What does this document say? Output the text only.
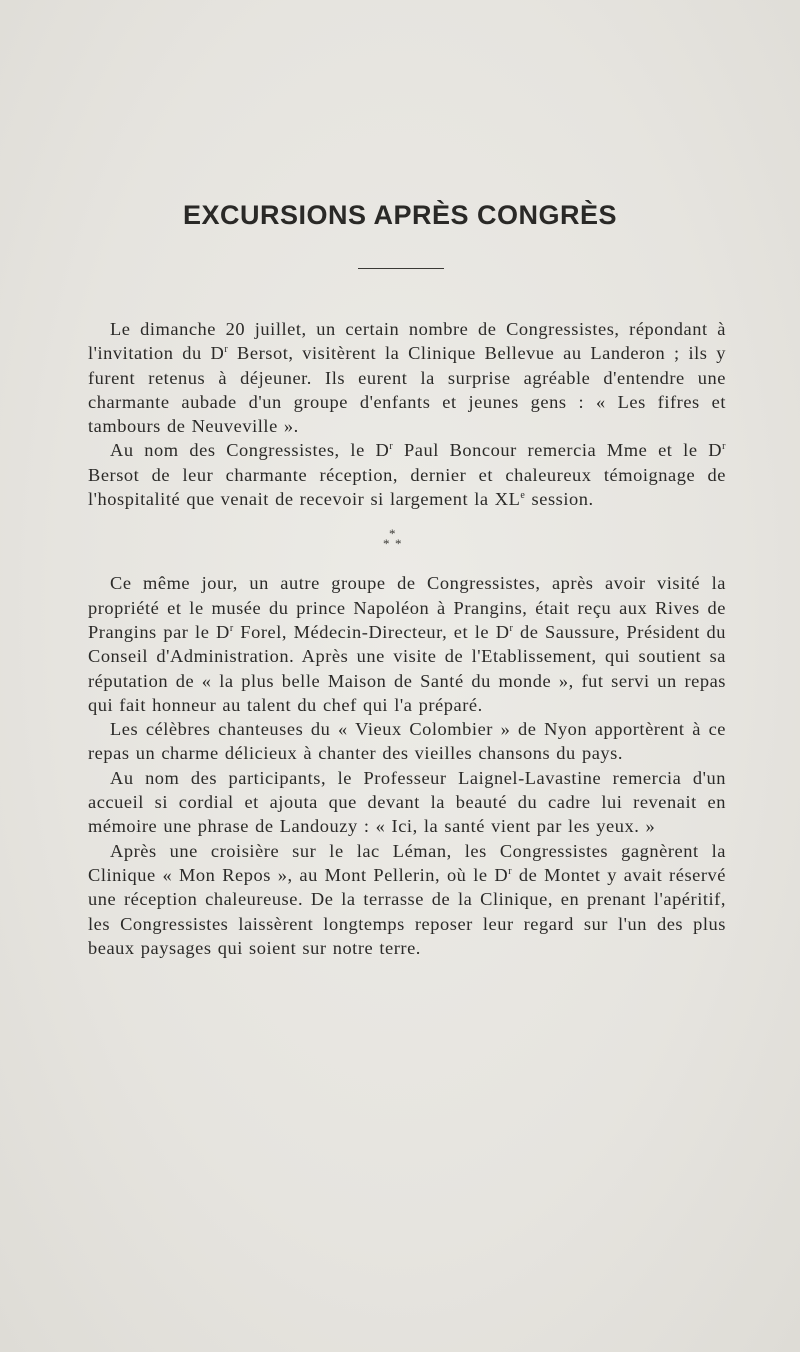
EXCURSIONS APRÈS CONGRÈS

Le dimanche 20 juillet, un certain nombre de Congressistes, répondant à l'invitation du $D^r$ Bersot, visitèrent la Clinique Bellevue au Landeron ; ils y furent retenus à déjeuner. Ils eurent la surprise agréable d'entendre une charmante aubade d'un groupe d'enfants et jeunes gens : « Les fifres et tambours de Neuveville ».

Au nom des Congressistes, le $D^r$ Paul Boncour remercia Mme et le $D^r$ Bersot de leur charmante réception, dernier et chaleureux témoignage de l'hospitalité que venait de recevoir si largement la XLe session.

*
* *

Ce même jour, un autre groupe de Congressistes, après avoir visité la propriété et le musée du prince Napoléon à Prangins, était reçu aux Rives de Prangins par le $D^r$ Forel, Médecin-Directeur, et le $D^r$ de Saussure, Président du Conseil d'Administration. Après une visite de l'Etablissement, qui soutient sa réputation de « la plus belle Maison de Santé du monde », fut servi un repas qui fait honneur au talent du chef qui l'a préparé.

Les célèbres chanteuses du « Vieux Colombier » de Nyon apportèrent à ce repas un charme délicieux à chanter des vieilles chansons du pays.

Au nom des participants, le Professeur Laignel-Lavastine remercia d'un accueil si cordial et ajouta que devant la beauté du cadre lui revenait en mémoire une phrase de Landouzy : « Ici, la santé vient par les yeux. »

Après une croisière sur le lac Léman, les Congressistes gagnèrent la Clinique « Mon Repos », au Mont Pellerin, où le $D^r$ de Montet y avait réservé une réception chaleureuse. De la terrasse de la Clinique, en prenant l'apéritif, les Congressistes laissèrent longtemps reposer leur regard sur l'un des plus beaux paysages qui soient sur notre terre.
